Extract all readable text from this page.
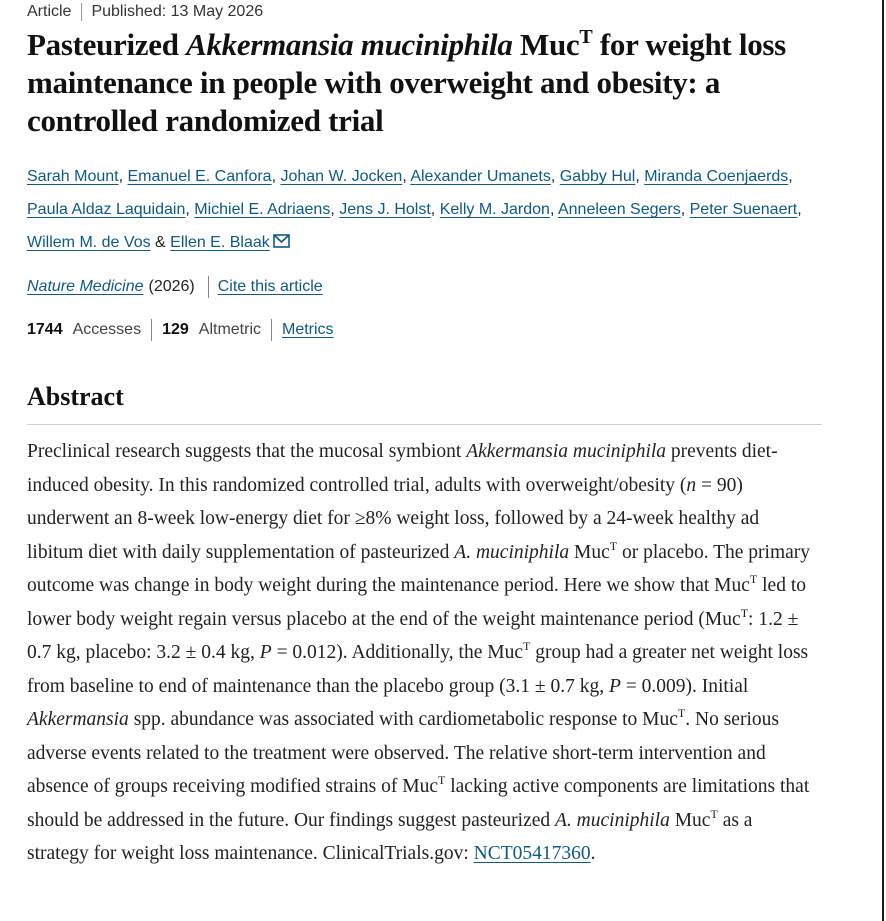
Article Published: 13 May 2026
Pasteurized Akkermansia muciniphila Muc$^T$ for weight loss maintenance in people with overweight and obesity: a controlled randomized trial
Sarah Mount, Emanuel E. Canfora, Johan W. Jocken, Alexander Umanets, Gabby Hul, Miranda Coenjaerds, Paula Aldaz Laquidain, Michiel E. Adriaens, Jens J. Holst, Kelly M. Jardon, Anneleen Segers, Peter Suenaert,
Willem M. de Vos & Ellen E. Blaak
Nature Medicine (2026) Cite this article
1744 Accesses 129 Altmetric Metrics
Abstract

Preclinical research suggests that the mucosal symbiont Akkermansia muciniphila prevents diet-induced obesity. In this randomized controlled trial, adults with overweight/obesity (n = 90) underwent an 8-week low-energy diet for ≥8% weight loss, followed by a 24-week healthy ad libitum diet with daily supplementation of pasteurized A. muciniphila Muc$^T$ or placebo. The primary outcome was change in body weight during the maintenance period. Here we show that Muc$^T$ led to lower body weight regain versus placebo at the end of the weight maintenance period (Muc$^T$: 1.2 ± 0.7 kg, placebo: 3.2 ± 0.4 kg, P = 0.012). Additionally, the Muc$^T$ group had a greater net weight loss from baseline to end of maintenance than the placebo group (3.1 ± 0.7 kg, P = 0.009). Initial Akkermansia spp. abundance was associated with cardiometabolic response to Muc$^T$. No serious adverse events related to the treatment were observed. The relative short-term intervention and absence of groups receiving modified strains of Muc$^T$ lacking active components are limitations that should be addressed in the future. Our findings suggest pasteurized A. muciniphila Muc$^T$ as a strategy for weight loss maintenance. ClinicalTrials.gov: NCT05417360.
